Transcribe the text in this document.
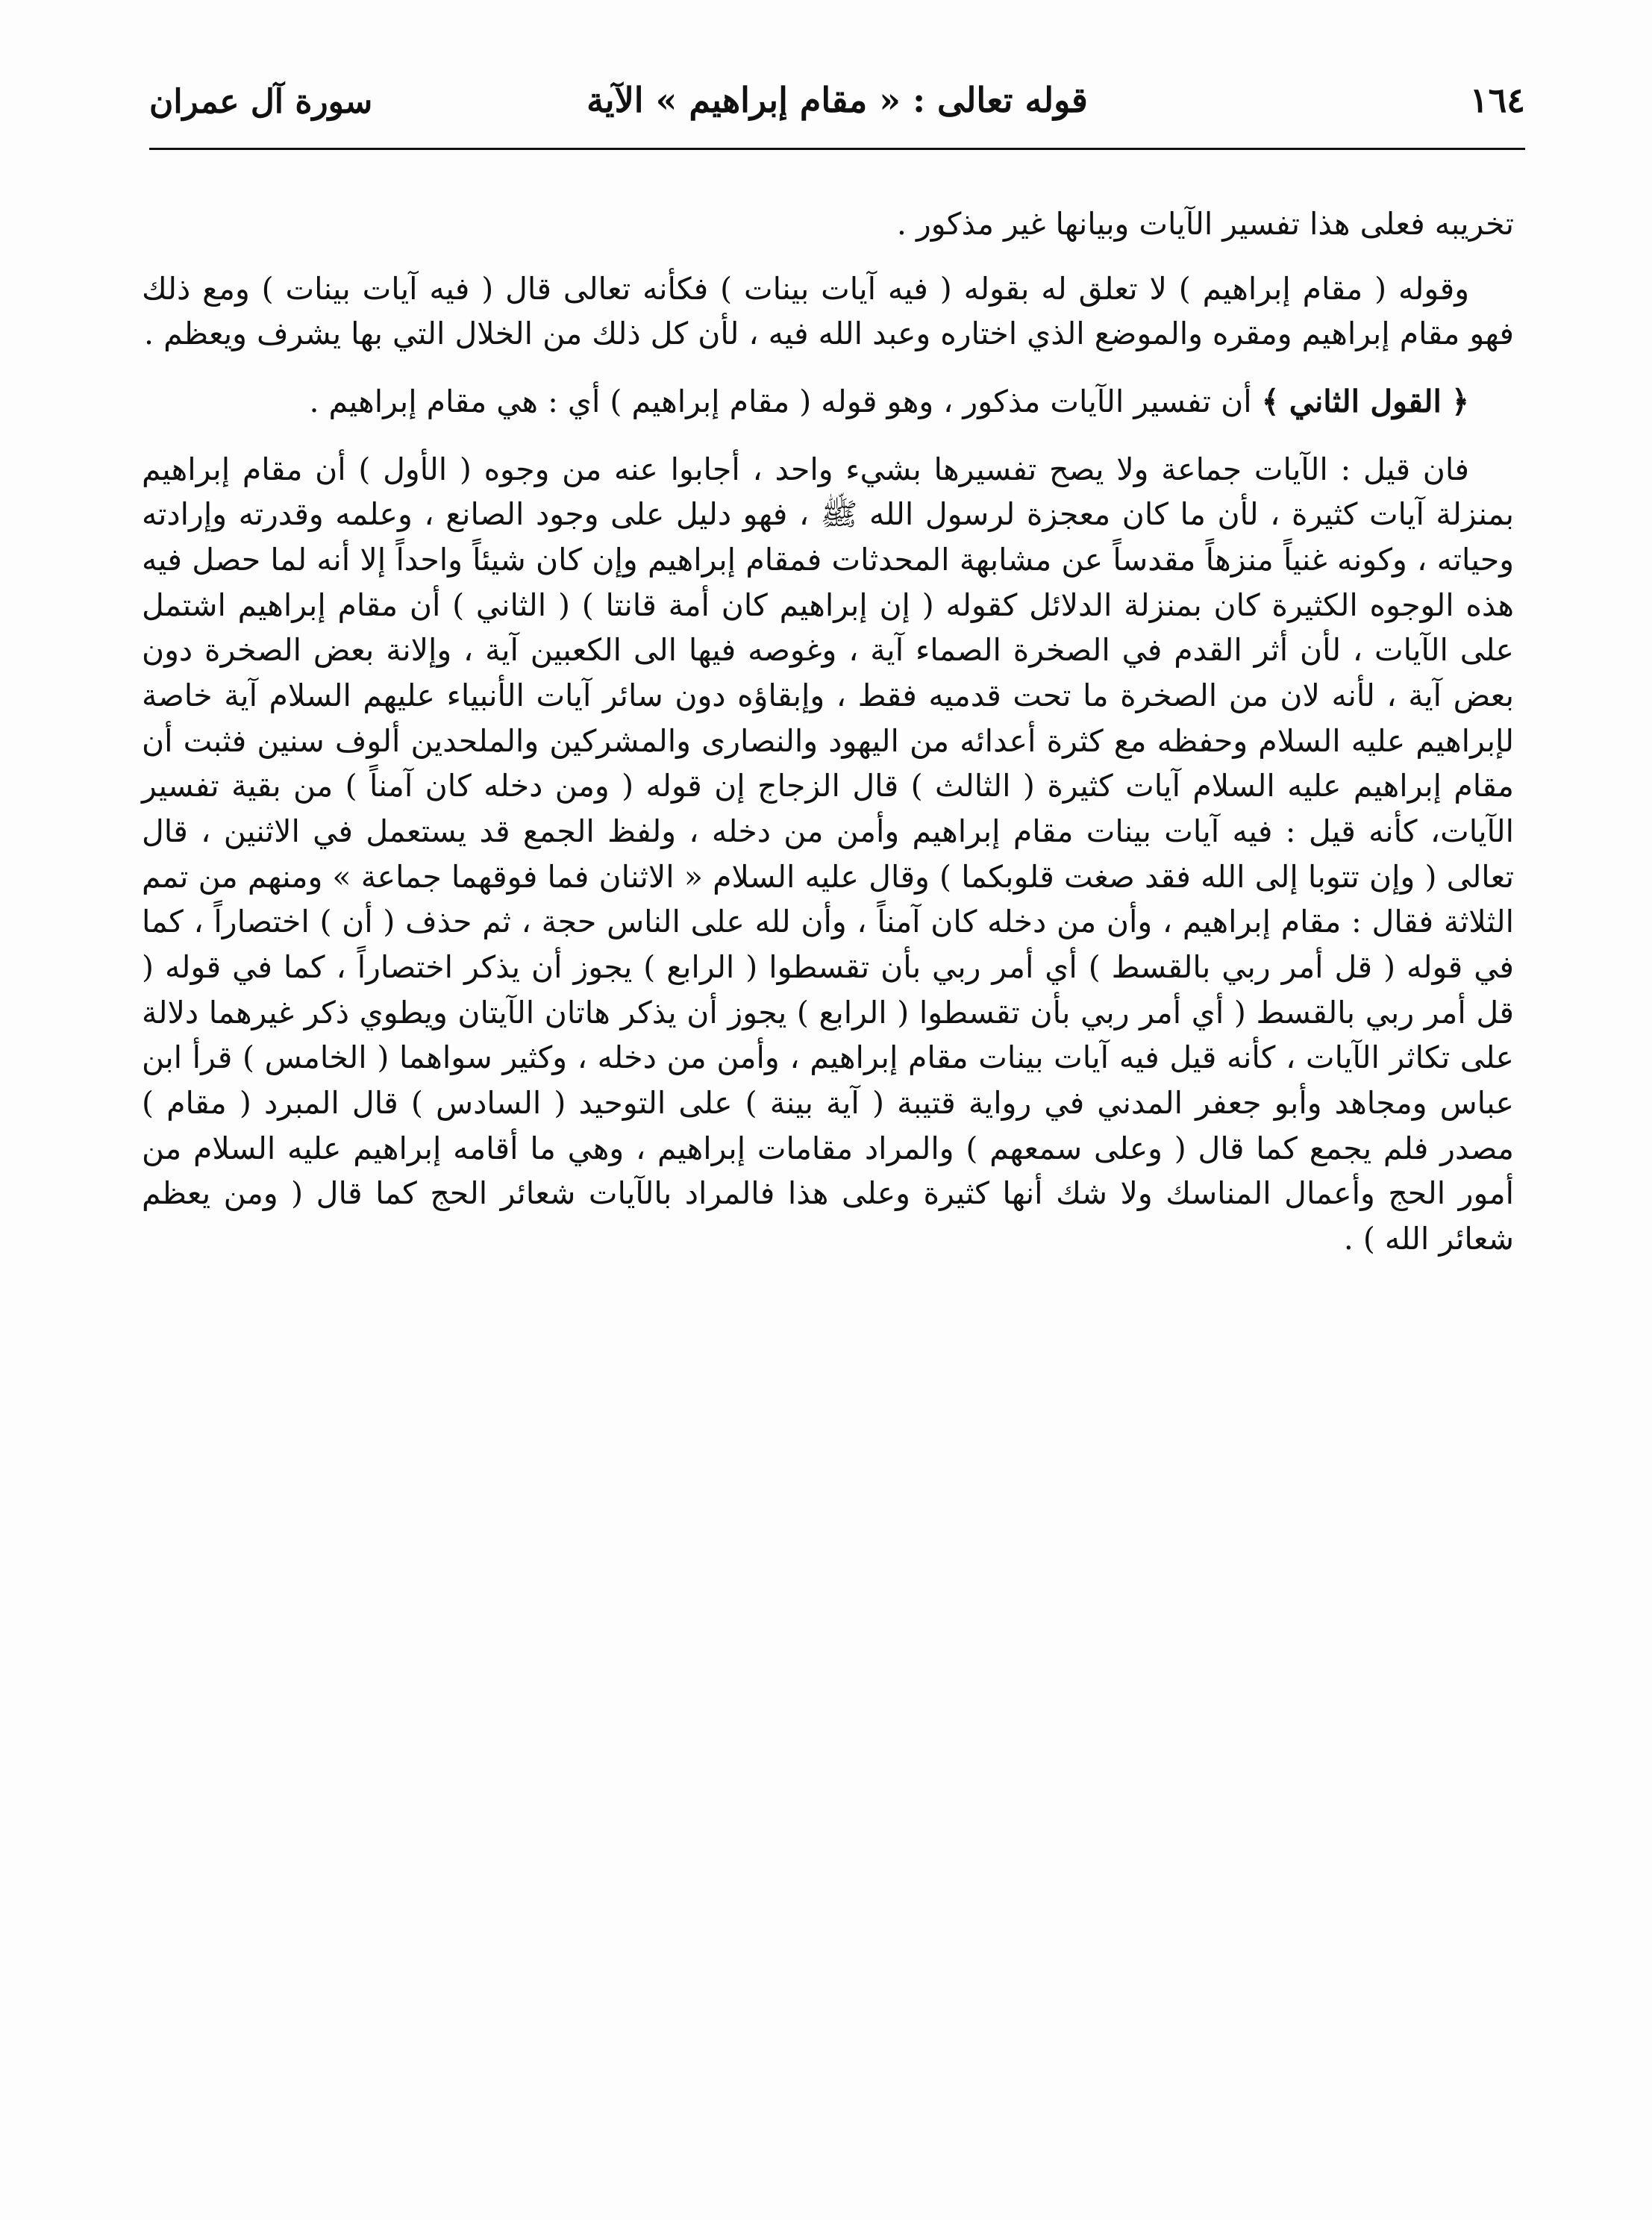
١٦٤
قوله تعالى : « مقام إبراهيم » الآية
سورة آل عمران

تخريبه فعلى هذا تفسير الآيات وبيانها غير مذكور .

وقوله ( مقام إبراهيم ) لا تعلق له بقوله ( فيه آيات بينات ) فكأنه تعالى قال ( فيه آيات بينات ) ومع ذلك فهو مقام إبراهيم ومقره والموضع الذي اختاره وعبد الله فيه ، لأن كل ذلك من الخلال التي بها يشرف ويعظم .

﴿ القول الثاني ﴾ أن تفسير الآيات مذكور ، وهو قوله ( مقام إبراهيم ) أي : هي مقام إبراهيم .

فان قيل : الآيات جماعة ولا يصح تفسيرها بشيء واحد ، أجابوا عنه من وجوه ( الأول ) أن مقام إبراهيم بمنزلة آيات كثيرة ، لأن ما كان معجزة لرسول الله ﷺ ، فهو دليل على وجود الصانع ، وعلمه وقدرته وإرادته وحياته ، وكونه غنياً منزهاً مقدساً عن مشابهة المحدثات فمقام إبراهيم وإن كان شيئاً واحداً إلا أنه لما حصل فيه هذه الوجوه الكثيرة كان بمنزلة الدلائل كقوله ( إن إبراهيم كان أمة قانتا ) ( الثاني ) أن مقام إبراهيم اشتمل على الآيات ، لأن أثر القدم في الصخرة الصماء آية ، وغوصه فيها الى الكعبين آية ، وإلانة بعض الصخرة دون بعض آية ، لأنه لان من الصخرة ما تحت قدميه فقط ، وإبقاؤه دون سائر آيات الأنبياء عليهم السلام آية خاصة لإبراهيم عليه السلام وحفظه مع كثرة أعدائه من اليهود والنصارى والمشركين والملحدين ألوف سنين فثبت أن مقام إبراهيم عليه السلام آيات كثيرة ( الثالث ) قال الزجاج إن قوله ( ومن دخله كان آمناً ) من بقية تفسير الآيات، كأنه قيل : فيه آيات بينات مقام إبراهيم وأمن من دخله ، ولفظ الجمع قد يستعمل في الاثنين ، قال تعالى ( وإن تتوبا إلى الله فقد صغت قلوبكما ) وقال عليه السلام « الاثنان فما فوقهما جماعة » ومنهم من تمم الثلاثة فقال : مقام إبراهيم ، وأن من دخله كان آمناً ، وأن لله على الناس حجة ، ثم حذف ( أن ) اختصاراً ، كما في قوله ( قل أمر ربي بالقسط ) أي أمر ربي بأن تقسطوا ( الرابع ) يجوز أن يذكر اختصاراً ، كما في قوله ( قل أمر ربي بالقسط ( أي أمر ربي بأن تقسطوا ( الرابع ) يجوز أن يذكر هاتان الآيتان ويطوي ذكر غيرهما دلالة على تكاثر الآيات ، كأنه قيل فيه آيات بينات مقام إبراهيم ، وأمن من دخله ، وكثير سواهما ( الخامس ) قرأ ابن عباس ومجاهد وأبو جعفر المدني في رواية قتيبة ( آية بينة ) على التوحيد ( السادس ) قال المبرد ( مقام ) مصدر فلم يجمع كما قال ( وعلى سمعهم ) والمراد مقامات إبراهيم ، وهي ما أقامه إبراهيم عليه السلام من أمور الحج وأعمال المناسك ولا شك أنها كثيرة وعلى هذا فالمراد بالآيات شعائر الحج كما قال ( ومن يعظم شعائر الله ) .
